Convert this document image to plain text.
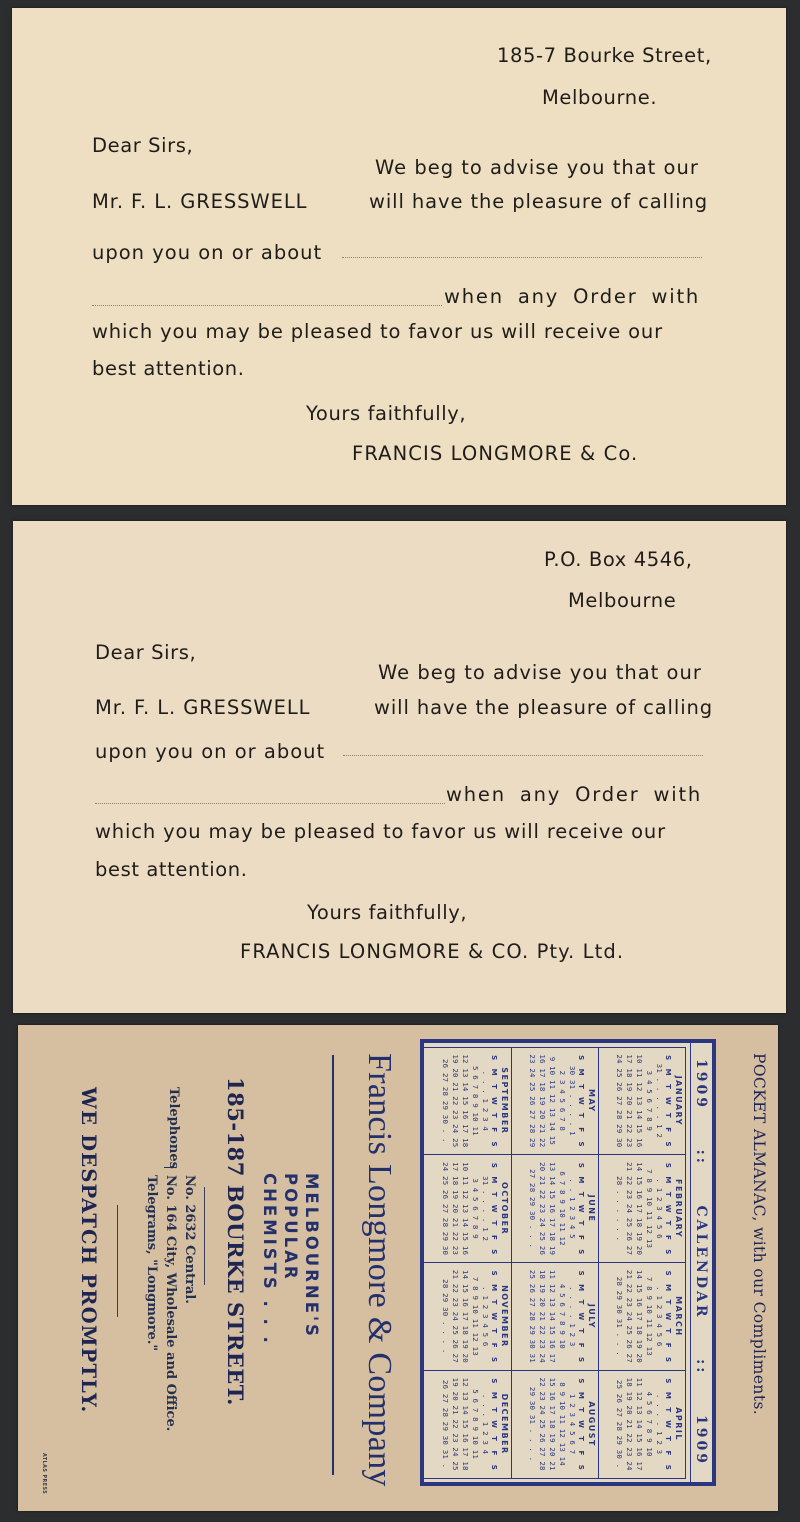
185-7 Bourke Street,
Melbourne.
Dear Sirs,
We beg to advise you that our
Mr. F. L. GRESSWELL	will have the pleasure of calling
upon you on or about
when any Order with
which you may be pleased to favor us will receive our
best attention.
Yours faithfully,
FRANCIS LONGMORE & Co.
P.O. Box 4546,
Melbourne
Dear Sirs,
We beg to advise you that our
Mr. F. L. GRESSWELL	will have the pleasure of calling
upon you on or about
when any Order with
which you may be pleased to favor us will receive our
best attention.
Yours faithfully,
FRANCIS LONGMORE & CO. Pty. Ltd.
POCKET ALMANAC, with our Compliments.
1909
::
CALENDAR
::
1909
JANUARY
S
M
T
W
T
F
S
31 . . . . . 1 2
3 4 5 6 7 8 9
10 11 12 13 14 15 16
17 18 19 20 21 22 23
24 25 26 27 28 29 30
FEBRUARY
S
M
T
W
T
F
S
. 1 2 3 4 5 6
7 8 9 10 11 12 13
14 15 16 17 18 19 20
21 22 23 24 25 26 27
28 . . . . . .
MARCH
S
M
T
W
T
F
S
. 1 2 3 4 5 6
7 8 9 10 11 12 13
14 15 16 17 18 19 20
21 22 23 24 25 26 27
28 29 30 31 . . .
APRIL
S
M
T
W
T
F
S
. . . . 1 2 3
4 5 6 7 8 9 10
11 12 13 14 15 16 17
18 19 20 21 22 23 24
25 26 27 28 29 30 .
MAY
S
M
T
W
T
F
S
30 31 . . . . 1
2 3 4 5 6 7 8
9 10 11 12 13 14 15
16 17 18 19 20 21 22
23 24 25 26 27 28 29
JUNE
S
M
T
W
T
F
S
. . 1 2 3 4 5
6 7 8 9 10 11 12
13 14 15 16 17 18 19
20 21 22 23 24 25 26
27 28 29 30 . . .
JULY
S
M
T
W
T
F
S
. . . . 1 2 3
4 5 6 7 8 9 10
11 12 13 14 15 16 17
18 19 20 21 22 23 24
25 26 27 28 29 30 31
AUGUST
S
M
T
W
T
F
S
1 2 3 4 5 6 7
8 9 10 11 12 13 14
15 16 17 18 19 20 21
22 23 24 25 26 27 28
29 30 31 . . . .
SEPTEMBER
S
M
T
W
T
F
S
. . . 1 2 3 4
5 6 7 8 9 10 11
12 13 14 15 16 17 18
19 20 21 22 23 24 25
26 27 28 29 30 . .
OCTOBER
S
M
T
W
T
F
S
31 . . . . 1 2
3 4 5 6 7 8 9
10 11 12 13 14 15 16
17 18 19 20 21 22 23
24 25 26 27 28 29 30
NOVEMBER
S
M
T
W
T
F
S
. 1 2 3 4 5 6
7 8 9 10 11 12 13
14 15 16 17 18 19 20
21 22 23 24 25 26 27
28 29 30 . . . .
DECEMBER
S
M
T
W
T
F
S
. . . 1 2 3 4
5 6 7 8 9 10 11
12 13 14 15 16 17 18
19 20 21 22 23 24 25
26 27 28 29 30 31 .
Francis Longmore & Company
MELBOURNE'S
POPULAR
CHEMISTS . . .
185-187 BOURKE STREET.
Telephones
No. 2632 Central.
No. 164 City, Wholesale and Office.
Telegrams, "Longmore."
WE DESPATCH PROMPTLY.
ATLAS PRESS
